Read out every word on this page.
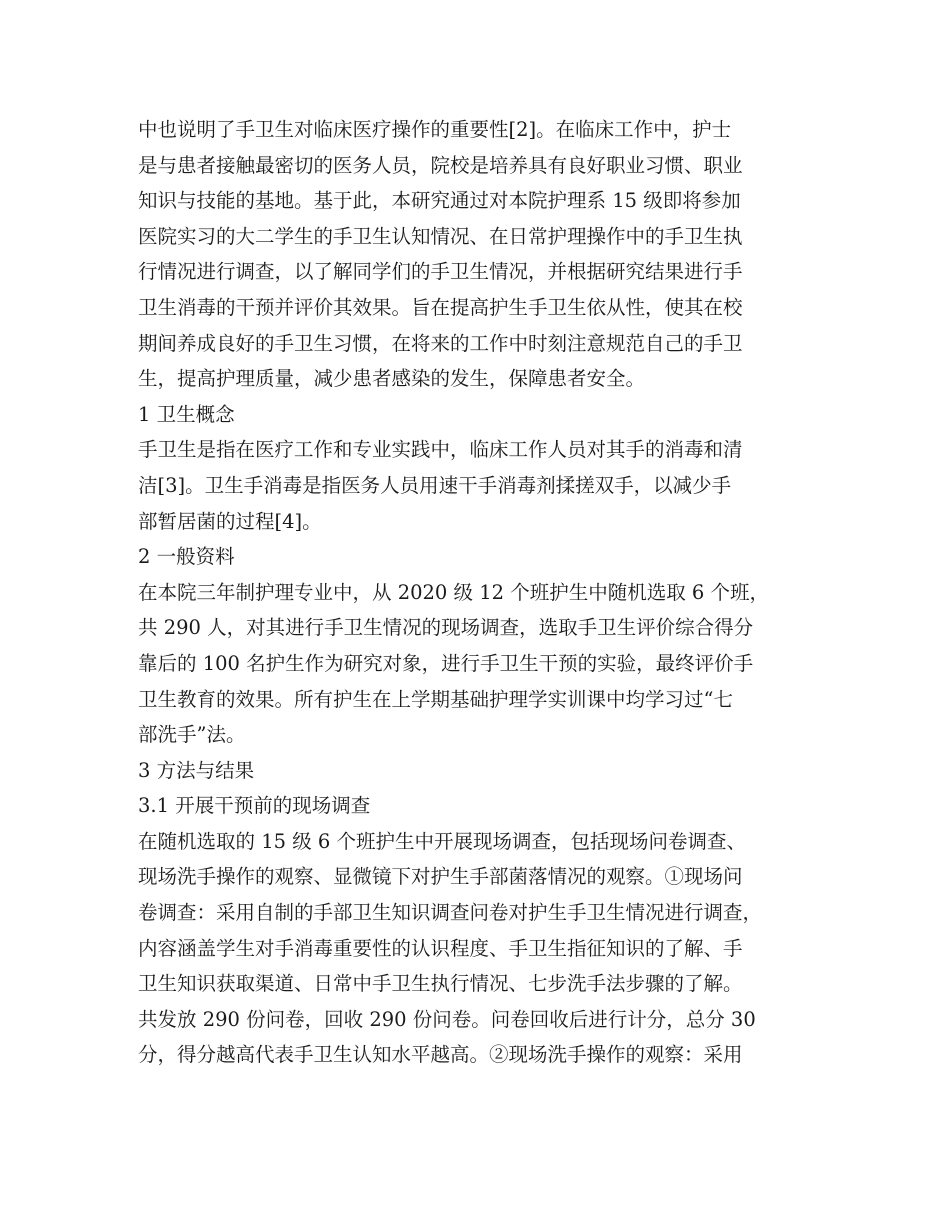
中也说明了手卫生对临床医疗操作的重要性[2]。在临床工作中，护士
是与患者接触最密切的医务人员，院校是培养具有良好职业习惯、职业
知识与技能的基地。基于此，本研究通过对本院护理系 15 级即将参加
医院实习的大二学生的手卫生认知情况、在日常护理操作中的手卫生执
行情况进行调查，以了解同学们的手卫生情况，并根据研究结果进行手
卫生消毒的干预并评价其效果。旨在提高护生手卫生依从性，使其在校
期间养成良好的手卫生习惯，在将来的工作中时刻注意规范自己的手卫
生，提高护理质量，减少患者感染的发生，保障患者安全。
1 卫生概念
手卫生是指在医疗工作和专业实践中，临床工作人员对其手的消毒和清
洁[3]。卫生手消毒是指医务人员用速干手消毒剂揉搓双手，以减少手
部暂居菌的过程[4]。
2 一般资料
在本院三年制护理专业中，从 2020 级 12 个班护生中随机选取 6 个班，
共 290 人，对其进行手卫生情况的现场调查，选取手卫生评价综合得分
靠后的 100 名护生作为研究对象，进行手卫生干预的实验，最终评价手
卫生教育的效果。所有护生在上学期基础护理学实训课中均学习过“七
部洗手”法。
3 方法与结果
3.1 开展干预前的现场调查
在随机选取的 15 级 6 个班护生中开展现场调查，包括现场问卷调查、
现场洗手操作的观察、显微镜下对护生手部菌落情况的观察。①现场问
卷调查：采用自制的手部卫生知识调查问卷对护生手卫生情况进行调查，
内容涵盖学生对手消毒重要性的认识程度、手卫生指征知识的了解、手
卫生知识获取渠道、日常中手卫生执行情况、七步洗手法步骤的了解。
共发放 290 份问卷，回收 290 份问卷。问卷回收后进行计分，总分 30
分，得分越高代表手卫生认知水平越高。②现场洗手操作的观察：采用
